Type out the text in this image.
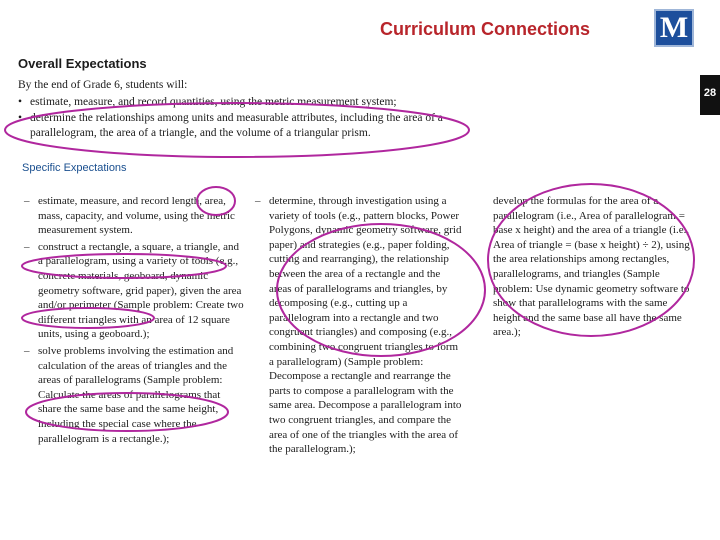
Curriculum Connections	M
28
Overall Expectations
By the end of Grade 6, students will:
• estimate, measure, and record quantities, using the metric measurement system;
• determine the relationships among units and measurable attributes, including the area of a parallelogram, the area of a triangle, and the volume of a triangular prism.
Specific Expectations
– estimate, measure, and record length, area, mass, capacity, and volume, using the metric measurement system.
– construct a rectangle, a square, a triangle, and a parallelogram, using a variety of tools (e.g., concrete materials, geoboard, dynamic geometry software, grid paper), given the area and/or perimeter (Sample problem: Create two different triangles with an area of 12 square units, using a geoboard.);
– solve problems involving the estimation and calculation of the areas of triangles and the areas of parallelograms (Sample problem: Calculate the areas of parallelograms that share the same base and the same height, including the special case where the parallelogram is a rectangle.);
– determine, through investigation using a variety of tools (e.g., pattern blocks, Power Polygons, dynamic geometry software, grid paper) and strategies (e.g., paper folding, cutting and rearranging), the relationship between the area of a rectangle and the areas of parallelograms and triangles, by decomposing (e.g., cutting up a parallelogram into a rectangle and two congruent triangles) and composing (e.g., combining two congruent triangles to form a parallelogram) (Sample problem: Decompose a rectangle and rearrange the parts to compose a parallelogram with the same area. Decompose a parallelogram into two congruent triangles, and compare the area of one of the triangles with the area of the parallelogram.);
develop the formulas for the area of a parallelogram (i.e., Area of parallelogram = base x height) and the area of a triangle (i.e., Area of triangle = (base x height) ÷ 2), using the area relationships among rectangles, parallelograms, and triangles (Sample problem: Use dynamic geometry software to show that parallelograms with the same height and the same base all have the same area.);
